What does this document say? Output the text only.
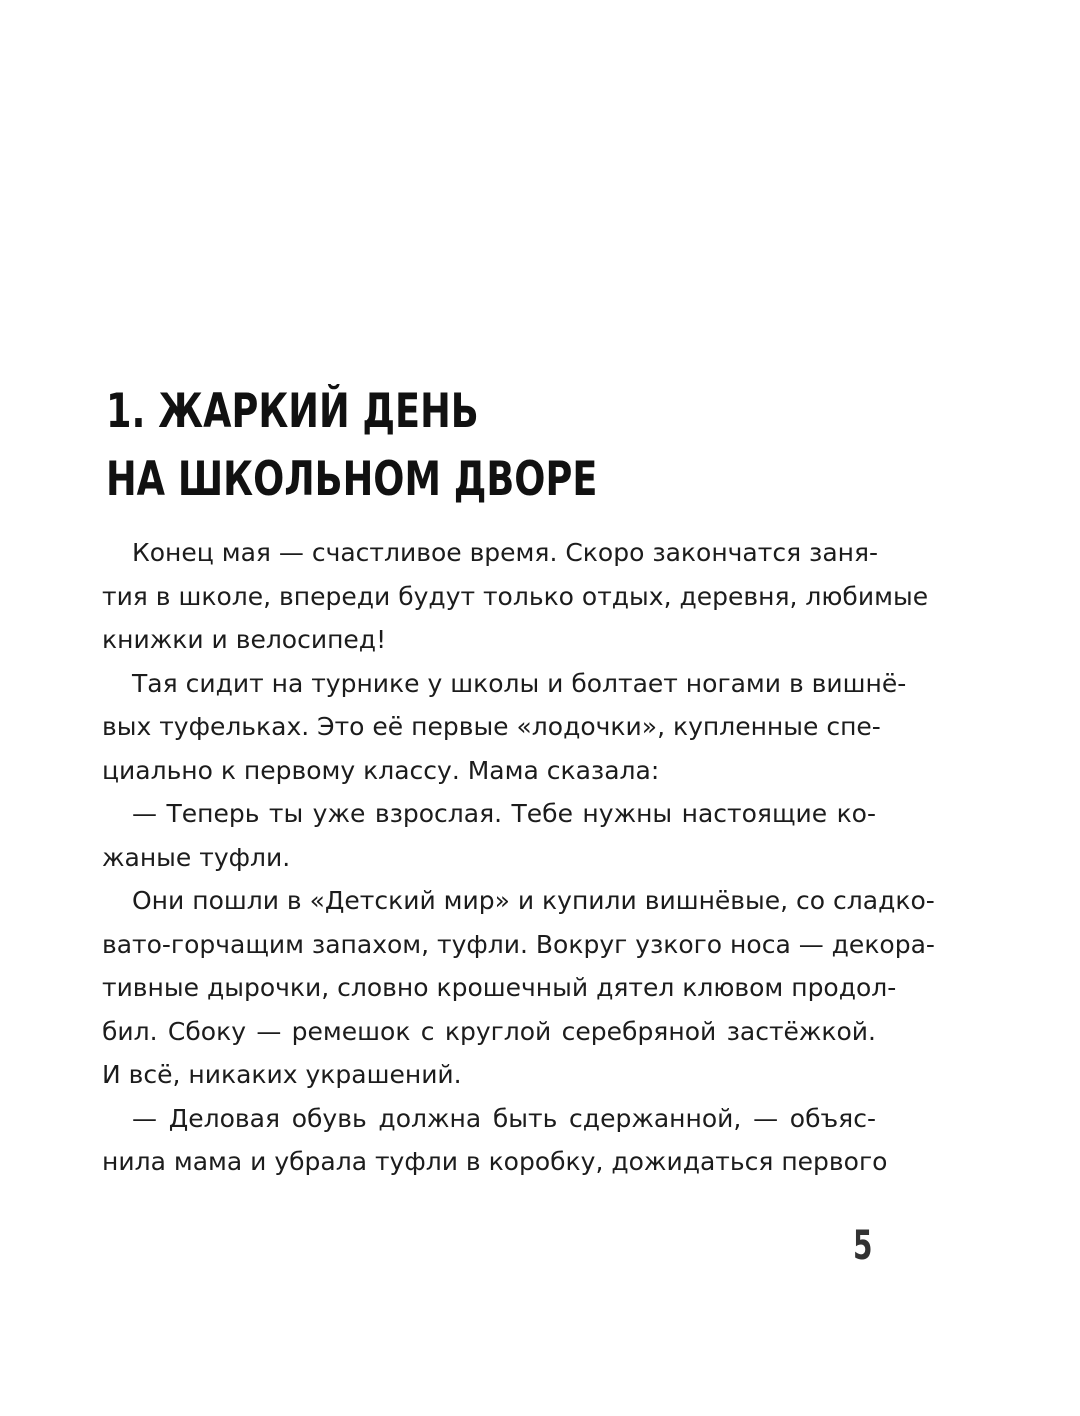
1. ЖАРКИЙ ДЕНЬ
НА ШКОЛЬНОМ ДВОРЕ
Конец мая — счастливое время. Скоро закончатся заня-
тия в школе, впереди будут только отдых, деревня, любимые
книжки и велосипед!
Тая сидит на турнике у школы и болтает ногами в вишнё-
вых туфельках. Это её первые «лодочки», купленные спе-
циально к первому классу. Мама сказала:
— Теперь ты уже взрослая. Тебе нужны настоящие ко-
жаные туфли.
Они пошли в «Детский мир» и купили вишнёвые, со сладко-
вато-горчащим запахом, туфли. Вокруг узкого носа — декора-
тивные дырочки, словно крошечный дятел клювом продол-
бил. Сбоку — ремешок с круглой серебряной застёжкой.
И всё, никаких украшений.
— Деловая обувь должна быть сдержанной, — объяс-
нила мама и убрала туфли в коробку, дожидаться первого
5
